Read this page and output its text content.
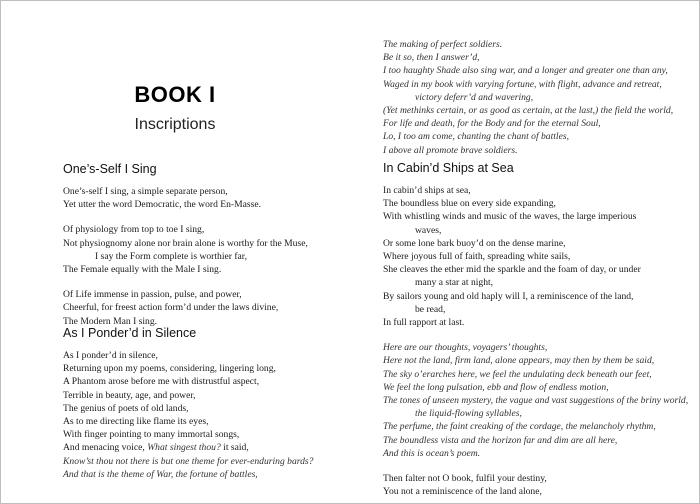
BOOK I
Inscriptions
One’s-Self I Sing
One’s-self I sing, a simple separate person,
Yet utter the word Democratic, the word En-Masse.
Of physiology from top to toe I sing,
Not physiognomy alone nor brain alone is worthy for the Muse,
I say the Form complete is worthier far,
The Female equally with the Male I sing.
Of Life immense in passion, pulse, and power,
Cheerful, for freest action form’d under the laws divine,
The Modern Man I sing.
As I Ponder’d in Silence
As I ponder’d in silence,
Returning upon my poems, considering, lingering long,
A Phantom arose before me with distrustful aspect,
Terrible in beauty, age, and power,
The genius of poets of old lands,
As to me directing like flame its eyes,
With finger pointing to many immortal songs,
And menacing voice, What singest thou? it said,
Know’st thou not there is but one theme for ever-enduring bards?
And that is the theme of War, the fortune of battles,
The making of perfect soldiers.
Be it so, then I answer’d,
I too haughty Shade also sing war, and a longer and greater one than any,
Waged in my book with varying fortune, with flight, advance and retreat,
victory deferr’d and wavering,
(Yet methinks certain, or as good as certain, at the last,) the field the world,
For life and death, for the Body and for the eternal Soul,
Lo, I too am come, chanting the chant of battles,
I above all promote brave soldiers.
In Cabin’d Ships at Sea
In cabin’d ships at sea,
The boundless blue on every side expanding,
With whistling winds and music of the waves, the large imperious
waves,
Or some lone bark buoy’d on the dense marine,
Where joyous full of faith, spreading white sails,
She cleaves the ether mid the sparkle and the foam of day, or under
many a star at night,
By sailors young and old haply will I, a reminiscence of the land,
be read,
In full rapport at last.
Here are our thoughts, voyagers’ thoughts,
Here not the land, firm land, alone appears, may then by them be said,
The sky o’erarches here, we feel the undulating deck beneath our feet,
We feel the long pulsation, ebb and flow of endless motion,
The tones of unseen mystery, the vague and vast suggestions of the briny world,
the liquid-flowing syllables,
The perfume, the faint creaking of the cordage, the melancholy rhythm,
The boundless vista and the horizon far and dim are all here,
And this is ocean’s poem.
Then falter not O book, fulfil your destiny,
You not a reminiscence of the land alone,
